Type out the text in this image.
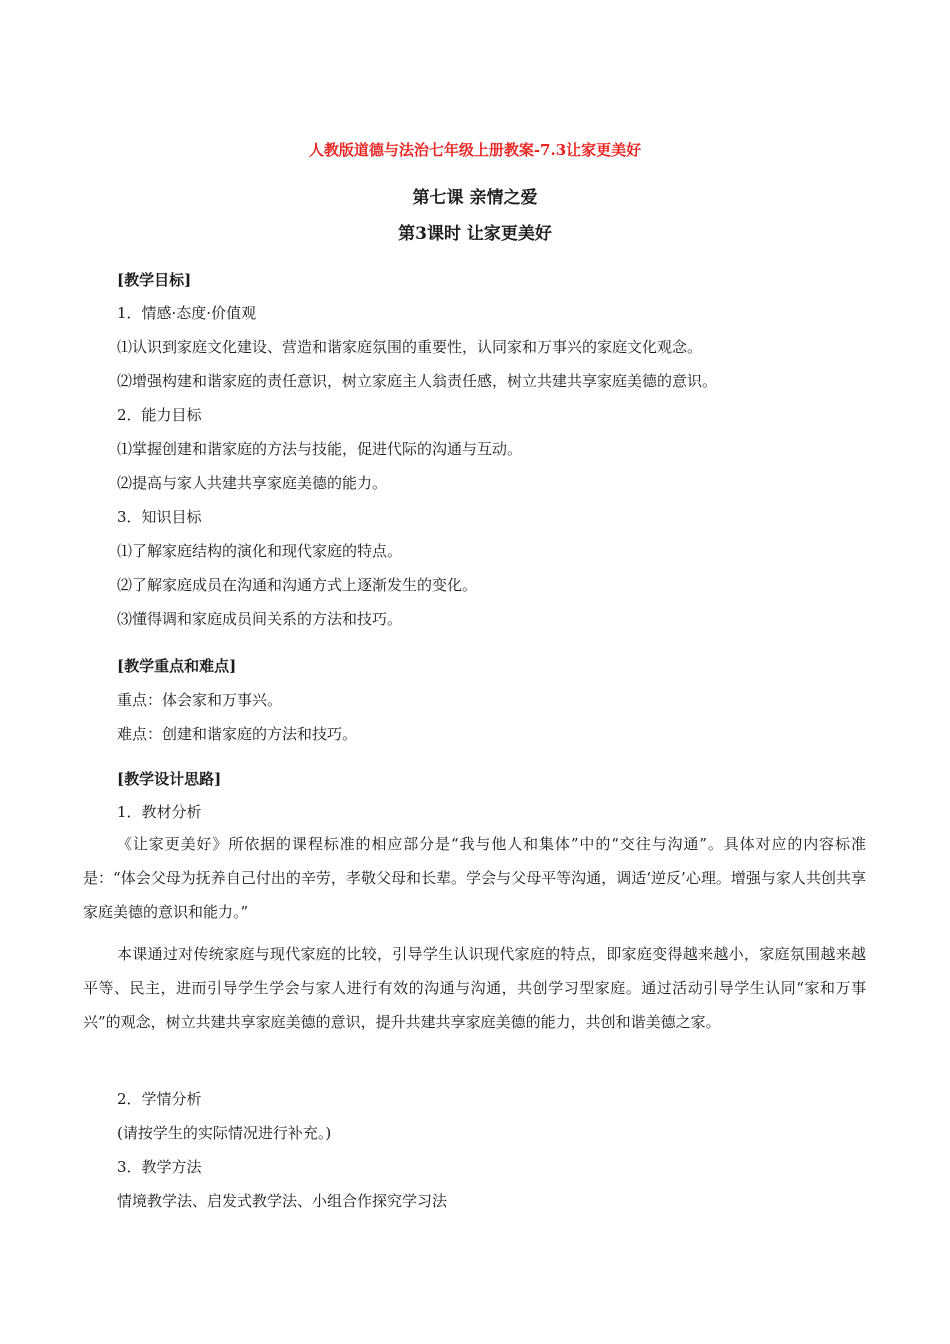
人教版道德与法治七年级上册教案-7.3让家更美好
第七课 亲情之爱
第3课时 让家更美好
[教学目标]
1．情感·态度·价值观
⑴认识到家庭文化建设、营造和谐家庭氛围的重要性，认同家和万事兴的家庭文化观念。
⑵增强构建和谐家庭的责任意识，树立家庭主人翁责任感，树立共建共享家庭美德的意识。
2．能力目标
⑴掌握创建和谐家庭的方法与技能，促进代际的沟通与互动。
⑵提高与家人共建共享家庭美德的能力。
3．知识目标
⑴了解家庭结构的演化和现代家庭的特点。
⑵了解家庭成员在沟通和沟通方式上逐渐发生的变化。
⑶懂得调和家庭成员间关系的方法和技巧。
[教学重点和难点]
重点：体会家和万事兴。
难点：创建和谐家庭的方法和技巧。
[教学设计思路]
1．教材分析

《让家更美好》所依据的课程标准的相应部分是“我与他人和集体”中的“交往与沟通”。具体对应的内容标准是：“体会父母为抚养自己付出的辛劳，孝敬父母和长辈。学会与父母平等沟通，调适‘逆反’心理。增强与家人共创共享家庭美德的意识和能力。”

本课通过对传统家庭与现代家庭的比较，引导学生认识现代家庭的特点，即家庭变得越来越小，家庭氛围越来越平等、民主，进而引导学生学会与家人进行有效的沟通与沟通，共创学习型家庭。通过活动引导学生认同“家和万事兴”的观念，树立共建共享家庭美德的意识，提升共建共享家庭美德的能力，共创和谐美德之家。

2．学情分析
(请按学生的实际情况进行补充。)
3．教学方法
情境教学法、启发式教学法、小组合作探究学习法
